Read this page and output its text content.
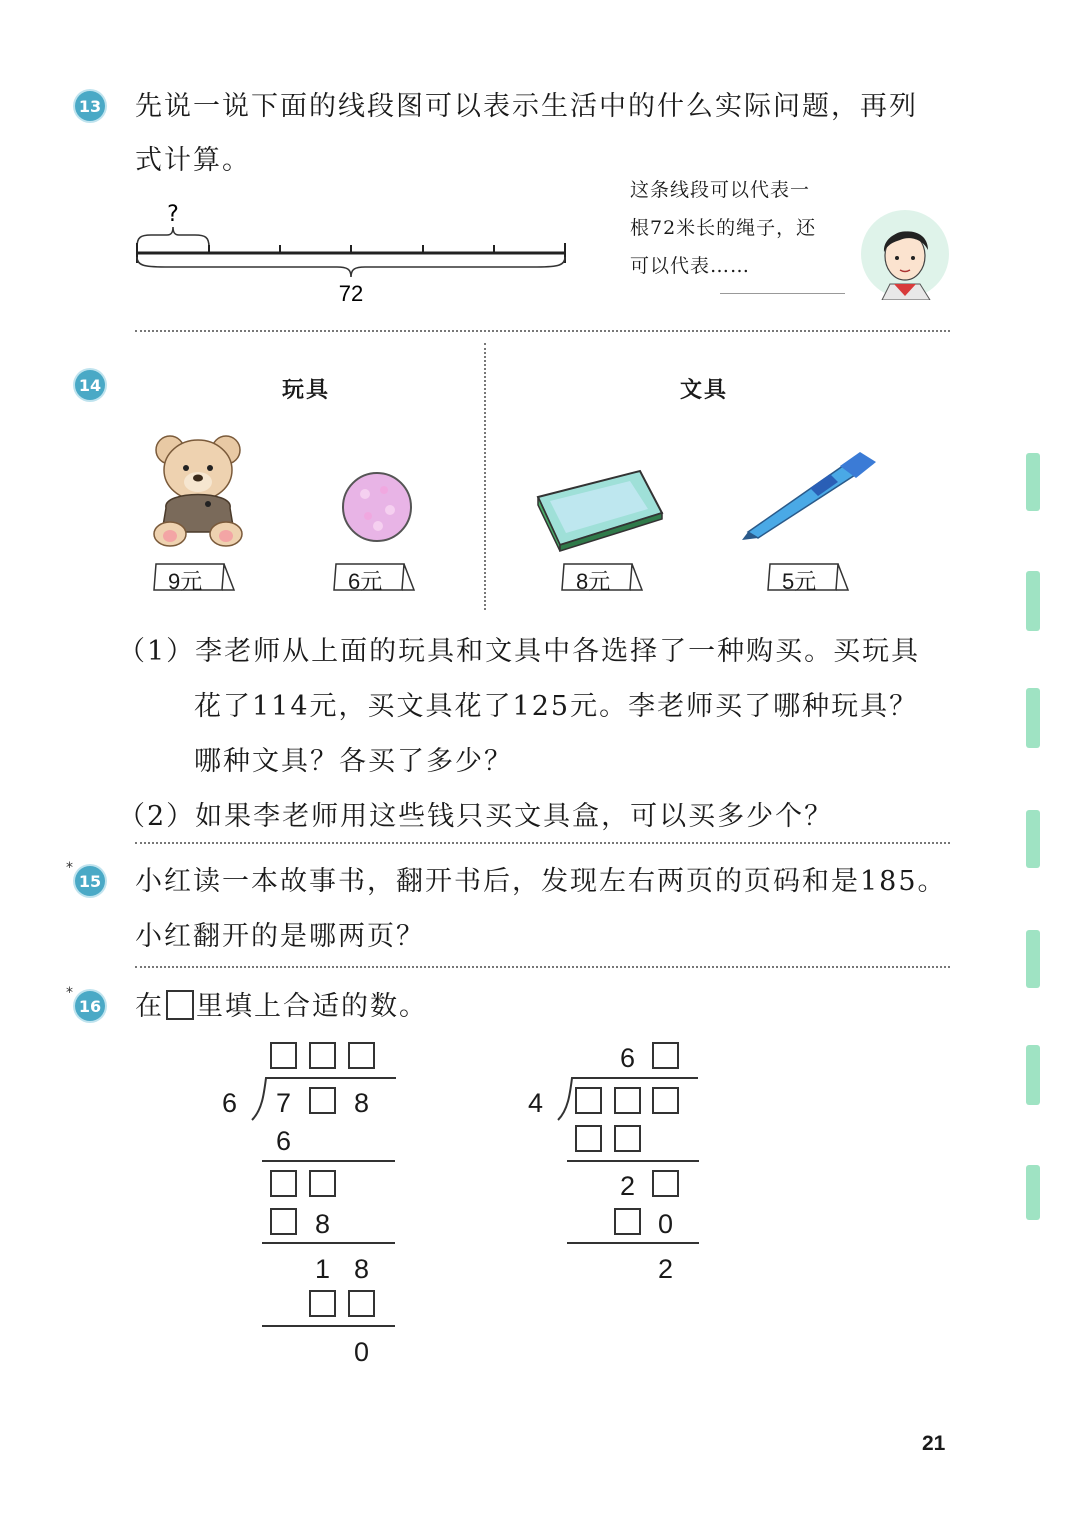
13 先说一说下面的线段图可以表示生活中的什么实际问题，再列
式计算。
?
72
这条线段可以代表一
根72米长的绳子，还
可以代表……
14	玩具	文具
9元	6元	8元	5元
（1）李老师从上面的玩具和文具中各选择了一种购买。买玩具
花了114元，买文具花了125元。李老师买了哪种玩具？
哪种文具？各买了多少？
（2）如果李老师用这些钱只买文具盒，可以买多少个？
*
15 小红读一本故事书，翻开书后，发现左右两页的页码和是185。
小红翻开的是哪两页？
*
16 在 里填上合适的数。
6 7 8
6
8
1 8
0
6
4
2
0
2
21
